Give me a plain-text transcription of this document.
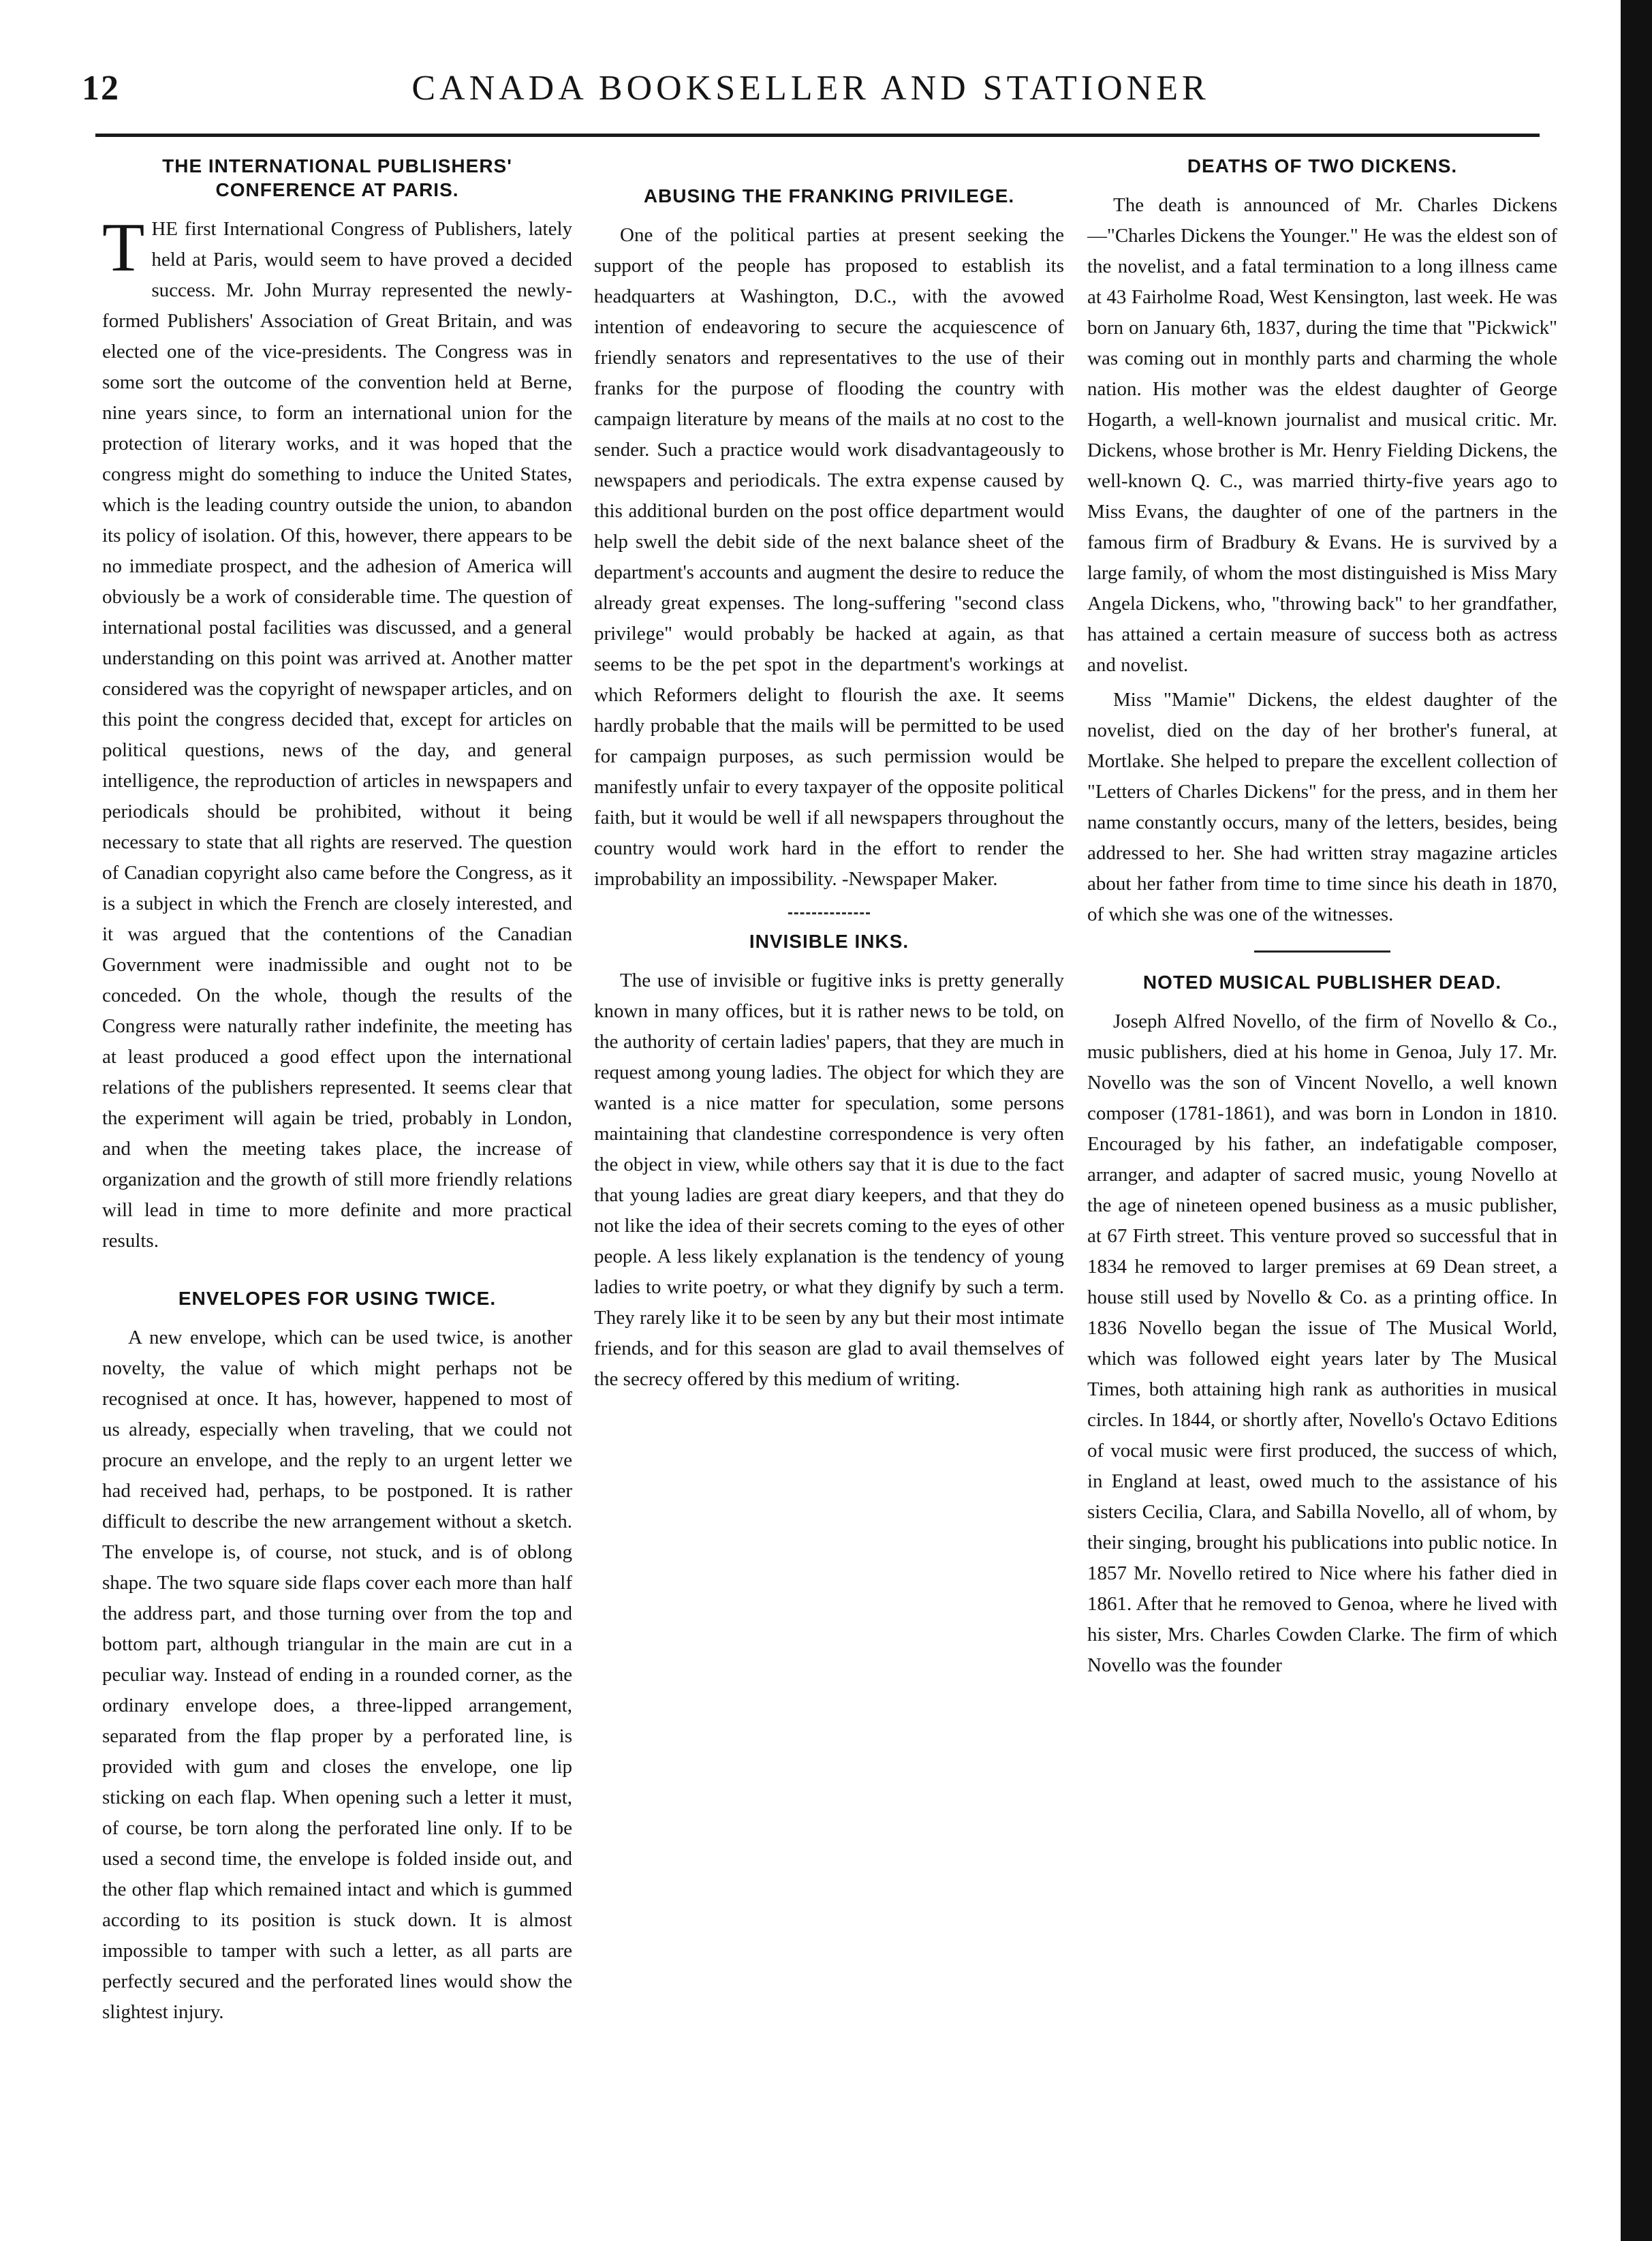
12	CANADA BOOKSELLER AND STATIONER
THE INTERNATIONAL PUBLISHERS' CONFERENCE AT PARIS.

THE first International Congress of Publishers, lately held at Paris, would seem to have proved a decided success. Mr. John Murray represented the newly-formed Publishers' Association of Great Britain, and was elected one of the vice-presidents. The Congress was in some sort the outcome of the convention held at Berne, nine years since, to form an international union for the protection of literary works, and it was hoped that the congress might do something to induce the United States, which is the leading country outside the union, to abandon its policy of isolation. Of this, however, there appears to be no immediate prospect, and the adhesion of America will obviously be a work of considerable time. The question of international postal facilities was discussed, and a general understanding on this point was arrived at. Another matter considered was the copyright of newspaper articles, and on this point the congress decided that, except for articles on political questions, news of the day, and general intelligence, the reproduction of articles in newspapers and periodicals should be prohibited, without it being necessary to state that all rights are reserved. The question of Canadian copyright also came before the Congress, as it is a subject in which the French are closely interested, and it was argued that the contentions of the Canadian Government were inadmissible and ought not to be conceded. On the whole, though the results of the Congress were naturally rather indefinite, the meeting has at least produced a good effect upon the international relations of the publishers represented. It seems clear that the experiment will again be tried, probably in London, and when the meeting takes place, the increase of organization and the growth of still more friendly relations will lead in time to more definite and more practical results.

ENVELOPES FOR USING TWICE.

A new envelope, which can be used twice, is another novelty, the value of which might perhaps not be recognised at once. It has, however, happened to most of us already, especially when traveling, that we could not procure an envelope, and the reply to an urgent letter we had received had, perhaps, to be postponed. It is rather difficult to describe the new arrangement without a sketch. The envelope is, of course, not stuck, and is of oblong shape. The two square side flaps cover each more than half the address part, and those turning over from the top and bottom part, although triangular in the main are cut in a peculiar way. Instead of ending in a rounded corner, as the ordinary envelope does, a three-lipped arrangement, separated from the flap proper by a perforated line, is provided with gum and closes the envelope, one lip sticking on each flap. When opening such a letter it must, of course, be torn along the perforated line only. If to be used a second time, the envelope is folded inside out, and the other flap which remained intact and which is gummed according to its position is stuck down. It is almost impossible to tamper with such a letter, as all parts are perfectly secured and the perforated lines would show the slightest injury.

ABUSING THE FRANKING PRIVILEGE.

One of the political parties at present seeking the support of the people has proposed to establish its headquarters at Washington, D.C., with the avowed intention of endeavoring to secure the acquiescence of friendly senators and representatives to the use of their franks for the purpose of flooding the country with campaign literature by means of the mails at no cost to the sender. Such a practice would work disadvantageously to newspapers and periodicals. The extra expense caused by this additional burden on the post office department would help swell the debit side of the next balance sheet of the department's accounts and augment the desire to reduce the already great expenses. The long-suffering "second class privilege" would probably be hacked at again, as that seems to be the pet spot in the department's workings at which Reformers delight to flourish the axe. It seems hardly probable that the mails will be permitted to be used for campaign purposes, as such permission would be manifestly unfair to every taxpayer of the opposite political faith, but it would be well if all newspapers throughout the country would work hard in the effort to render the improbability an impossibility. -Newspaper Maker.

INVISIBLE INKS.

The use of invisible or fugitive inks is pretty generally known in many offices, but it is rather news to be told, on the authority of certain ladies' papers, that they are much in request among young ladies. The object for which they are wanted is a nice matter for speculation, some persons maintaining that clandestine correspondence is very often the object in view, while others say that it is due to the fact that young ladies are great diary keepers, and that they do not like the idea of their secrets coming to the eyes of other people. A less likely explanation is the tendency of young ladies to write poetry, or what they dignify by such a term. They rarely like it to be seen by any but their most intimate friends, and for this season are glad to avail themselves of the secrecy offered by this medium of writing.

DEATHS OF TWO DICKENS.

The death is announced of Mr. Charles Dickens—"Charles Dickens the Younger." He was the eldest son of the novelist, and a fatal termination to a long illness came at 43 Fairholme Road, West Kensington, last week. He was born on January 6th, 1837, during the time that "Pickwick" was coming out in monthly parts and charming the whole nation. His mother was the eldest daughter of George Hogarth, a well-known journalist and musical critic. Mr. Dickens, whose brother is Mr. Henry Fielding Dickens, the well-known Q. C., was married thirty-five years ago to Miss Evans, the daughter of one of the partners in the famous firm of Bradbury & Evans. He is survived by a large family, of whom the most distinguished is Miss Mary Angela Dickens, who, "throwing back" to her grandfather, has attained a certain measure of success both as actress and novelist.

Miss "Mamie" Dickens, the eldest daughter of the novelist, died on the day of her brother's funeral, at Mortlake. She helped to prepare the excellent collection of "Letters of Charles Dickens" for the press, and in them her name constantly occurs, many of the letters, besides, being addressed to her. She had written stray magazine articles about her father from time to time since his death in 1870, of which she was one of the witnesses.

NOTED MUSICAL PUBLISHER DEAD.

Joseph Alfred Novello, of the firm of Novello & Co., music publishers, died at his home in Genoa, July 17. Mr. Novello was the son of Vincent Novello, a well known composer (1781-1861), and was born in London in 1810. Encouraged by his father, an indefatigable composer, arranger, and adapter of sacred music, young Novello at the age of nineteen opened business as a music publisher, at 67 Firth street. This venture proved so successful that in 1834 he removed to larger premises at 69 Dean street, a house still used by Novello & Co. as a printing office. In 1836 Novello began the issue of The Musical World, which was followed eight years later by The Musical Times, both attaining high rank as authorities in musical circles. In 1844, or shortly after, Novello's Octavo Editions of vocal music were first produced, the success of which, in England at least, owed much to the assistance of his sisters Cecilia, Clara, and Sabilla Novello, all of whom, by their singing, brought his publications into public notice. In 1857 Mr. Novello retired to Nice where his father died in 1861. After that he removed to Genoa, where he lived with his sister, Mrs. Charles Cowden Clarke. The firm of which Novello was the founder
